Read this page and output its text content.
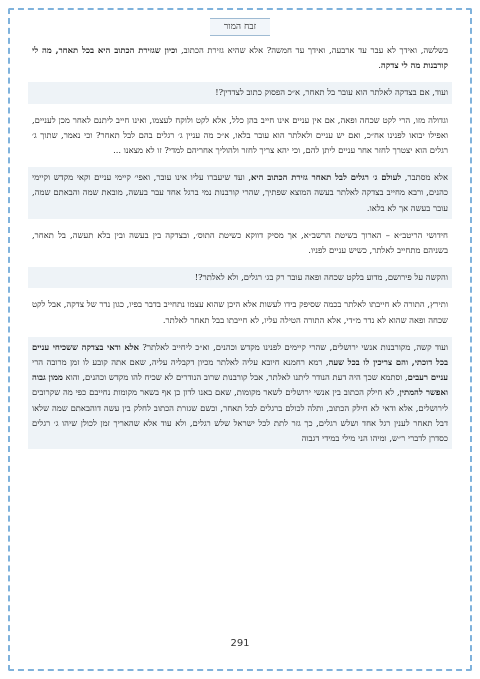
זבח המור

בשלשה, ואידך לא עבר עד ארבעה, ואידך עד חמשה? אלא שהיא גזירת הכתוב, וכיון שגזירת הכתוב היא בכל תאחר, מה לי קורבנות מה לי צדקה.

ועוד, אם בצדקה לאלתר הוא עובר בל תאחר, א״כ הפסוק כתוב לצדדין?!

וגדולה מזו, הרי לקט שכחה ופאה, אם אין עניים אינו חייב בהן כלל, אלא לקט ולוקח לעצמו, ואינו חייב ליתנם לאחר מכן לעניים, ואפילו יבואו לפנינו אח״כ, ואם יש עניים ולאלתר הוא עובר בלאו, א״כ מה עניין ג׳ רגלים בהם לבל תאחר? וכי נאמר, שתוך ג׳ רגלים הוא יצטרך לחזר אחר עניים ליתן להם, וכי יהא צריך לחזר ולהוליך אחריהם למדי? זו לא מצאנו ...

אלא מסתבר, לעולם ג׳ רגלים לבל תאחר גזירת הכתוב היא, ועד שיעברו עליו אינו עובר, ואפי׳ קיימי עניים וקאי מקדש וקיימי כהנים, ורבא מחייב בצדקה לאלתר בעשה המוצא שפתיך, שהרי קורבנות נמי ברגל אחד עבר בעשה, מובאת שמה והבאתם שמה, עובר בעשה אך לא בלאו.

חידושי הריטב״א – הארוך בשיטת הרשב״א, אך מסיק דווקא כשיטת התוס׳, ובצדקה בין בעשה ובין בלא תעשה, בל תאחר, בשניהם מתחייב לאלתר, כשיש עניים לפניו.

והקשה על פירושם, מדוע בלקט שכחה ופאה עובר רק בג׳ רגלים, ולא לאלתר?!

ותירץ, התורה לא חייבתו לאלתר בכמה שסיפק בידו לעשות אלא היכן שהוא עצמו נתחייב בדבר בפיו, כגון נדר של צדקה, אבל לקט שכחה ופאה שהוא לא נדר מ״די, אלא התורה הטילה עליו, לא חייבתו בבל תאחר לאלתר.

ועוד קשה, מקורבנות אנשי ירושלים, שהרי קיימים לפנינו מקדש וכהנים, וא״כ ליחייב לאלתר? אלא ודאי בצדקה ששכיחי עניים בכל דוכתי, והם צריכין לו בכל שעה, רמא רחמנא חיובא עליה לאלתר מכיון דקבליה עליה, שאם אתה קובע לו זמן מרובה הרי עניים רעבים, וסתמא שכך היה דעת הנודר ליתנו לאלתר, אבל קורבנות שרוב הנודרים לא שכיח להו מקדש וכהנים, והוא ממון גבוה ואפשר להמתין, לא חילק הכתוב בין אנשי ירושלים לשאר מקומות, שאם באנו לדון כן אף בשאר מקומות נחייבם כפי מה שקרובים לירושלים, אלא ודאי לא חילק הכתוב, ותלה לכולם ברגלים לבל תאחר, וכשם שגזרת הכתוב לחלק בין עשה דוהבאתם שמה שלאו דבל תאחר לענין רגל אחד ושלש רגלים, כך גזר לתת לכל ישראל שלש רגלים, ולא עוד אלא שהאריך זמן לכולן שיהו ג׳ רגלים כסדרן לדברי ר״ש, ומיהו הני מילי במידי דגבוה

291
